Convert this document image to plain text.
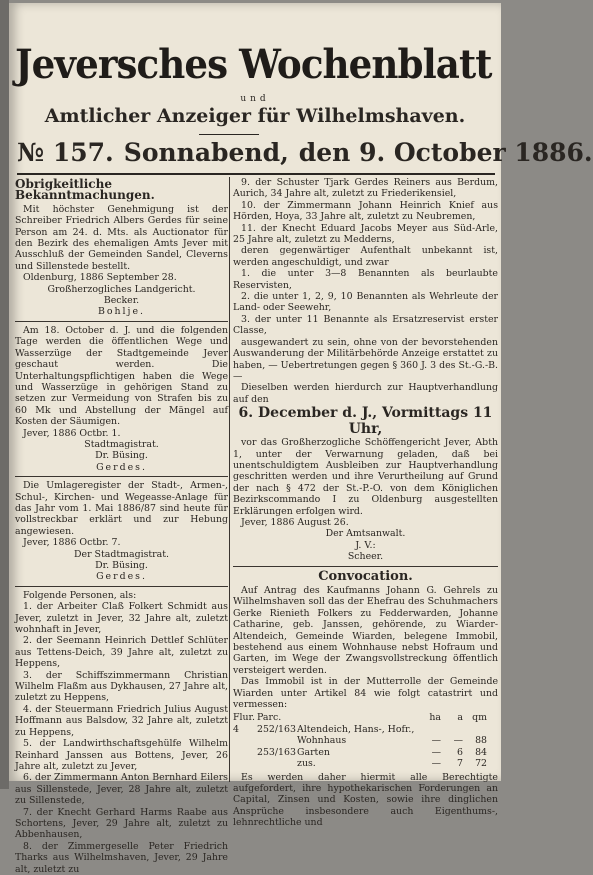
Jeversches Wochenblatt
und
Amtlicher Anzeiger für Wilhelmshaven.
№ 157. Sonnabend, den 9. October 1886.
Obrigkeitliche Bekanntmachungen.
Mit höchster Genehmigung ist der Schreiber Friedrich Albers Gerdes für seine Person am 24. d. Mts. als Auctionator für den Bezirk des ehemaligen Amts Jever mit Ausschluß der Gemeinden Sandel, Cleverns und Sillenstede bestellt.
Oldenburg, 1886 September 28.
Großherzogliches Landgericht.
Becker.
Bohlje.
Am 18. October d. J. und die folgenden Tage werden die öffentlichen Wege und Wasserzüge der Stadtgemeinde Jever geschaut werden. Die Unterhaltungspflichtigen haben die Wege und Wasserzüge in gehörigen Stand zu setzen zur Vermeidung von Strafen bis zu 60 Mk und Abstellung der Mängel auf Kosten der Säumigen.
Jever, 1886 Octbr. 1.
Stadtmagistrat.
Dr. Büsing.
Gerdes.
Die Umlageregister der Stadt-, Armen-, Schul-, Kirchen- und Wegeasse-Anlage für das Jahr vom 1. Mai 1886/87 sind heute für vollstreckbar erklärt und zur Hebung angewiesen.
Jever, 1886 Octbr. 7.
Der Stadtmagistrat.
Dr. Büsing.
Gerdes.
Folgende Personen, als:
1. der Arbeiter Claß Folkert Schmidt aus Jever, zuletzt in Jever, 32 Jahre alt, zuletzt wohnhaft in Jever,
2. der Seemann Heinrich Dettlef Schlüter aus Tettens-Deich, 39 Jahre alt, zuletzt zu Heppens,
3. der Schiffszimmermann Christian Wilhelm Flaßm aus Dykhausen, 27 Jahre alt, zuletzt zu Heppens,
4. der Steuermann Friedrich Julius August Hoffmann aus Balsdow, 32 Jahre alt, zuletzt zu Heppens,
5. der Landwirthschaftsgehülfe Wilhelm Reinhard Janssen aus Bottens, Jever, 26 Jahre alt, zuletzt zu Jever,
6. der Zimmermann Anton Bernhard Eilers aus Sillenstede, Jever, 28 Jahre alt, zuletzt zu Sillenstede,
7. der Knecht Gerhard Harms Raabe aus Schortens, Jever, 29 Jahre alt, zuletzt zu Abbenhausen,
8. der Zimmergeselle Peter Friedrich Tharks aus Wilhelmshaven, Jever, 29 Jahre alt, zuletzt zu
9. der Schuster Tjark Gerdes Reiners aus Berdum, Aurich, 34 Jahre alt, zuletzt zu Friederikensiel,
10. der Zimmermann Johann Heinrich Knief aus Hörden, Hoya, 33 Jahre alt, zuletzt zu Neubremen,
11. der Knecht Eduard Jacobs Meyer aus Süd-Arle, 25 Jahre alt, zuletzt zu Medderns,
deren gegenwärtiger Aufenthalt unbekannt ist, werden angeschuldigt, und zwar
1. die unter 3—8 Benannten als beurlaubte Reservisten,
2. die unter 1, 2, 9, 10 Benannten als Wehrleute der Land- oder Seewehr,
3. der unter 11 Benannte als Ersatzreservist erster Classe,
ausgewandert zu sein, ohne von der bevorstehenden Auswanderung der Militärbehörde Anzeige erstattet zu haben, — Uebertretungen gegen § 360 J. 3 des St.-G.-B. —
Dieselben werden hierdurch zur Hauptverhandlung auf den
6. December d. J., Vormittags 11 Uhr,
vor das Großherzogliche Schöffengericht Jever, Abth 1, unter der Verwarnung geladen, daß bei unentschuldigtem Ausbleiben zur Hauptverhandlung geschritten werden und ihre Verurtheilung auf Grund der nach § 472 der St.-P.-O. von dem Königlichen Bezirkscommando I zu Oldenburg ausgestellten Erklärungen erfolgen wird.
Jever, 1886 August 26.
Der Amtsanwalt.
J. V.:
Scheer.
Convocation.
Auf Antrag des Kaufmanns Johann G. Gehrels zu Wilhelmshaven soll das der Ehefrau des Schuhmachers Gerke Rienieth Folkers zu Fedderwarden, Johanne Catharine, geb. Janssen, gehörende, zu Wiarder-Altendeich, Gemeinde Wiarden, belegene Immobil, bestehend aus einem Wohnhause nebst Hofraum und Garten, im Wege der Zwangsvollstreckung öffentlich versteigert werden.
Das Immobil ist in der Mutterrolle der Gemeinde Wiarden unter Artikel 84 wie folgt catastrirt und vermessen:
Flur. Parc.	ha	a qm
4	252/163 Altendeich, Hans-, Hofr.,
Wohnhaus	—	—	88
253/163 Garten	—	6	84
zus.	—	7	72
Es werden daher hiermit alle Berechtigte aufgefordert, ihre hypothekarischen Forderungen an Capital, Zinsen und Kosten, sowie ihre dinglichen Ansprüche insbesondere auch Eigenthums-, lehnrechtliche und
